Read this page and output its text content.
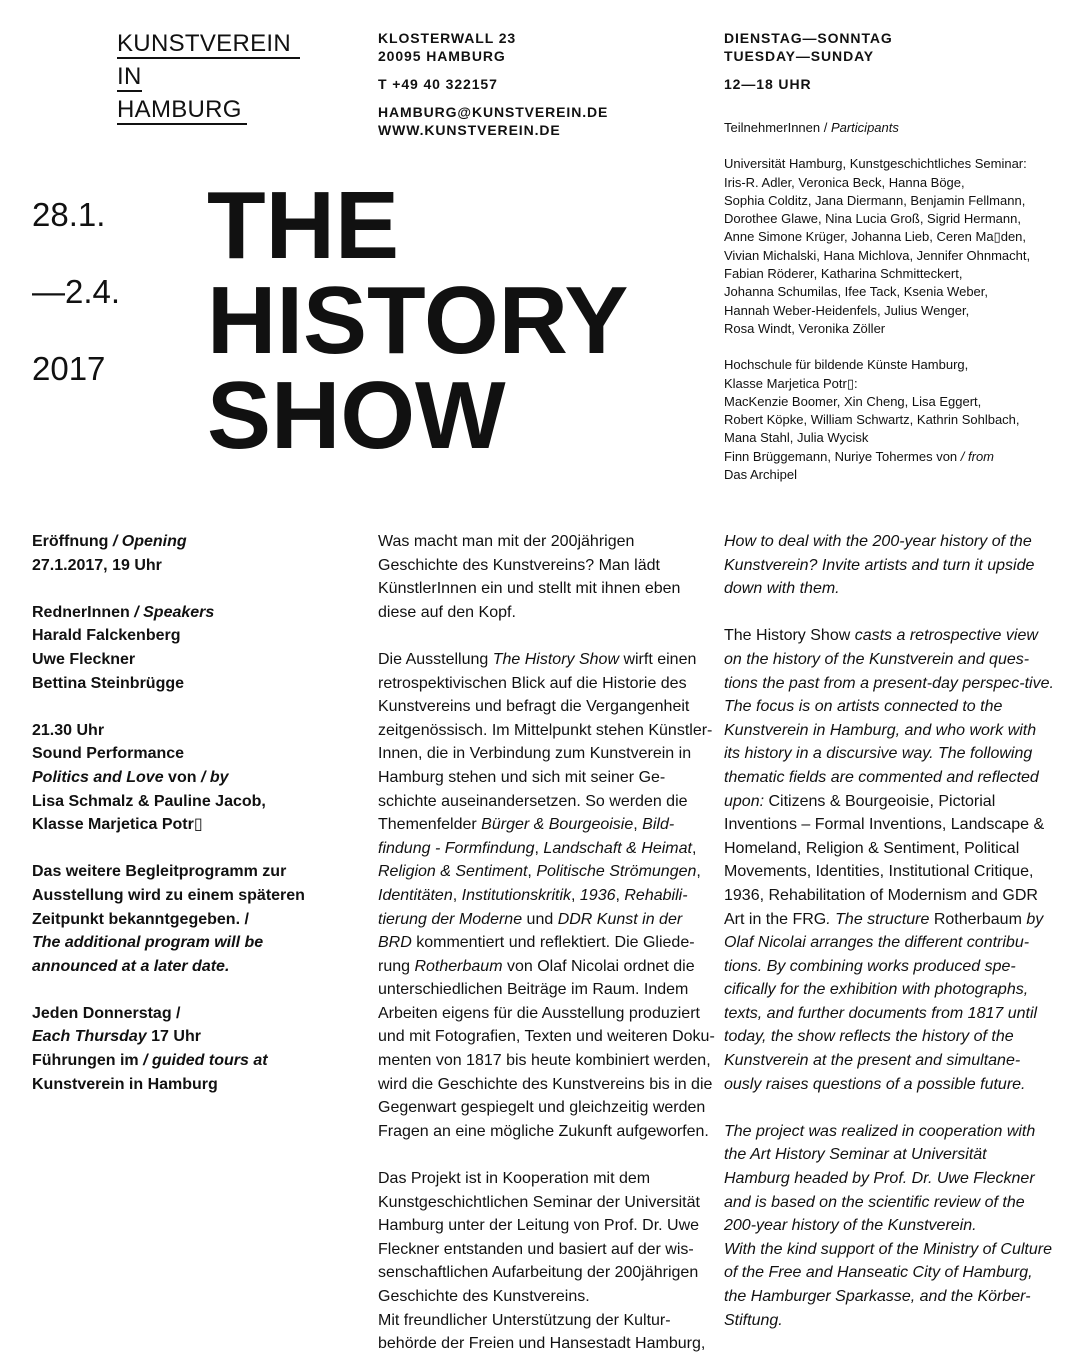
KUNSTVEREIN
IN
HAMBURG
KLOSTERWALL 23
20095 HAMBURG
T +49 40 322157
HAMBURG@KUNSTVEREIN.DE
WWW.KUNSTVEREIN.DE
DIENSTAG—SONNTAG
TUESDAY—SUNDAY
12—18 UHR
TeilnehmerInnen / Participants
Universität Hamburg, Kunstgeschichtliches Seminar:
Iris-R. Adler, Veronica Beck, Hanna Böge,
Sophia Colditz, Jana Diermann, Benjamin Fellmann,
Dorothee Glawe, Nina Lucia Groß, Sigrid Hermann,
Anne Simone Krüger, Johanna Lieb, Ceren Ma▯den,
Vivian Michalski, Hana Michlova, Jennifer Ohnmacht,
Fabian Röderer, Katharina Schmitteckert,
Johanna Schumilas, Ifee Tack, Ksenia Weber,
Hannah Weber-Heidenfels, Julius Wenger,
Rosa Windt, Veronika Zöller
Hochschule für bildende Künste Hamburg,
Klasse Marjetica Potr▯:
MacKenzie Boomer, Xin Cheng, Lisa Eggert,
Robert Köpke, William Schwartz, Kathrin Sohlbach,
Mana Stahl, Julia Wycisk
Finn Brüggemann, Nuriye Tohermes von / from
Das Archipel
28.1.
—2.4.
2017
THE
HISTORY
SHOW
Eröffnung / Opening
27.1.2017, 19 Uhr
RednerInnen / Speakers
Harald Falckenberg
Uwe Fleckner
Bettina Steinbrügge
21.30 Uhr
Sound Performance
Politics and Love von / by
Lisa Schmalz & Pauline Jacob,
Klasse Marjetica Potr▯
Das weitere Begleitprogramm zur
Ausstellung wird zu einem späteren
Zeitpunkt bekanntgegeben. /
The additional program will be
announced at a later date.
Jeden Donnerstag /
Each Thursday 17 Uhr
Führungen im / guided tours at
Kunstverein in Hamburg

Was macht man mit der 200jährigen Geschichte des Kunstvereins? Man lädt KünstlerInnen ein und stellt mit ihnen eben diese auf den Kopf.

Die Ausstellung The History Show wirft einen retrospektivischen Blick auf die Historie des Kunstvereins und befragt die Vergangenheit zeitgenössisch. Im Mittelpunkt stehen Künstler-Innen, die in Verbindung zum Kunstverein in Hamburg stehen und sich mit seiner Ge-schichte auseinandersetzen. So werden die Themenfelder Bürger & Bourgeoisie, Bild-findung - Formfindung, Landschaft & Heimat, Religion & Sentiment, Politische Strömungen, Identitäten, Institutionskritik, 1936, Rehabili-tierung der Moderne und DDR Kunst in der BRD kommentiert und reflektiert. Die Gliede-rung Rotherbaum von Olaf Nicolai ordnet die unterschiedlichen Beiträge im Raum. Indem Arbeiten eigens für die Ausstellung produziert und mit Fotografien, Texten und weiteren Doku-menten von 1817 bis heute kombiniert werden, wird die Geschichte des Kunstvereins bis in die Gegenwart gespiegelt und gleichzeitig werden Fragen an eine mögliche Zukunft aufgeworfen.

Das Projekt ist in Kooperation mit dem Kunstgeschichtlichen Seminar der Universität Hamburg unter der Leitung von Prof. Dr. Uwe Fleckner entstanden und basiert auf der wis-senschaftlichen Aufarbeitung der 200jährigen Geschichte des Kunstvereins.

Mit freundlicher Unterstützung der Kultur-behörde der Freien und Hansestadt Hamburg,

How to deal with the 200-year history of the Kunstverein? Invite artists and turn it upside down with them.

The History Show casts a retrospective view on the history of the Kunstverein and ques-tions the past from a present-day perspec-tive. The focus is on artists connected to the Kunstverein in Hamburg, and who work with its history in a discursive way. The following thematic fields are commented and reflected upon: Citizens & Bourgeoisie, Pictorial Inventions – Formal Inventions, Landscape & Homeland, Religion & Sentiment, Political Movements, Identities, Institutional Critique, 1936, Rehabilitation of Modernism and GDR Art in the FRG. The structure Rotherbaum by Olaf Nicolai arranges the different contribu-tions. By combining works produced spe-cifically for the exhibition with photographs, texts, and further documents from 1817 until today, the show reflects the history of the Kunstverein at the present and simultane-ously raises questions of a possible future.

The project was realized in cooperation with the Art History Seminar at Universität Hamburg headed by Prof. Dr. Uwe Fleckner and is based on the scientific review of the 200-year history of the Kunstverein.

With the kind support of the Ministry of Culture of the Free and Hanseatic City of Hamburg, the Hamburger Sparkasse, and the Körber-Stiftung.
